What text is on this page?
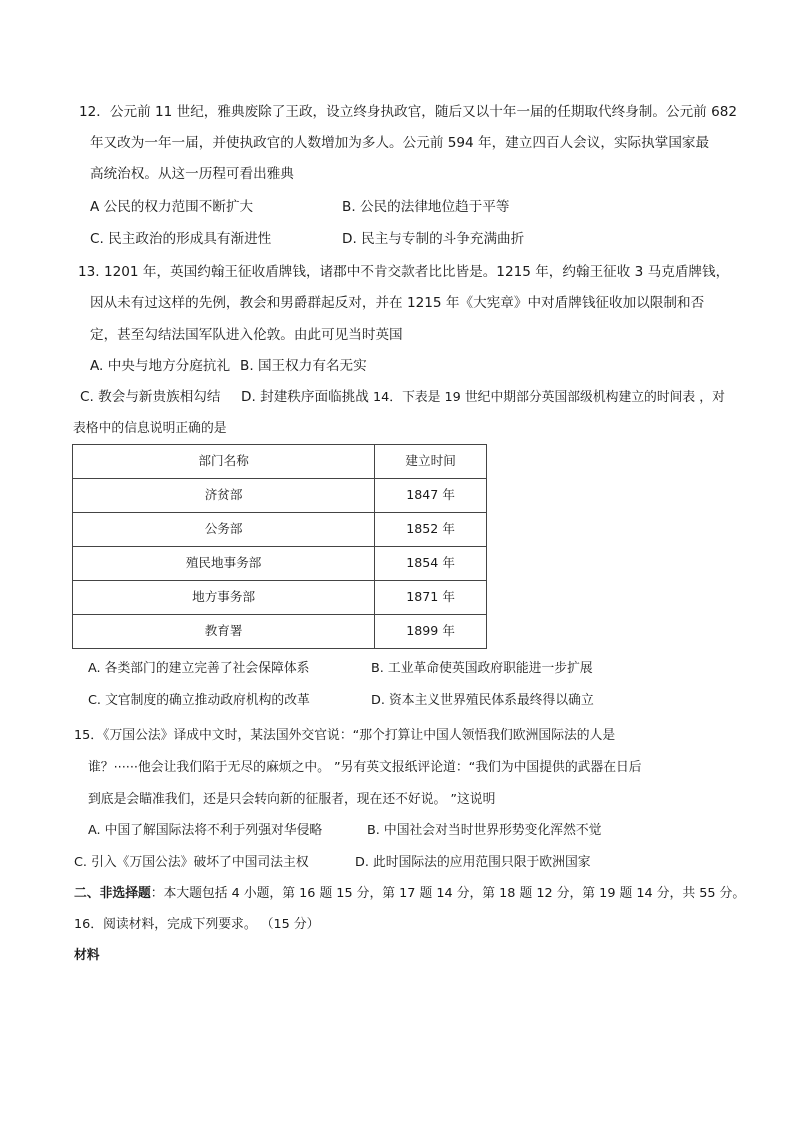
12．公元前 11 世纪，雅典废除了王政，设立终身执政官，随后又以十年一届的任期取代终身制。公元前 682
年又改为一年一届，并使执政官的人数增加为多人。公元前 594 年，建立四百人会议，实际执掌国家最
高统治权。从这一历程可看出雅典
A 公民的权力范围不断扩大	B. 公民的法律地位趋于平等
C. 民主政治的形成具有渐进性	D. 民主与专制的斗争充满曲折
13. 1201 年，英国约翰王征收盾牌钱，诸郡中不肯交款者比比皆是。1215 年，约翰王征收 3 马克盾牌钱，
因从未有过这样的先例，教会和男爵群起反对，并在 1215 年《大宪章》中对盾牌钱征收加以限制和否
定，甚至勾结法国军队进入伦敦。由此可见当时英国
A. 中央与地方分庭抗礼 B. 国王权力有名无实
C. 教会与新贵族相勾结 D. 封建秩序面临挑战 14．下表是 19 世纪中期部分英国部级机构建立的时间表 ，对
表格中的信息说明正确的是
部门名称	建立时间
济贫部	1847 年
公务部	1852 年
殖民地事务部	1854 年
地方事务部	1871 年
教育署	1899 年
A. 各类部门的建立完善了社会保障体系	B. 工业革命使英国政府职能进一步扩展
C. 文官制度的确立推动政府机构的改革	D. 资本主义世界殖民体系最终得以确立
15．《万国公法》译成中文时，某法国外交官说：“那个打算让中国人领悟我们欧洲国际法的人是
谁？······他会让我们陷于无尽的麻烦之中。 ”另有英文报纸评论道：“我们为中国提供的武器在日后
到底是会瞄准我们，还是只会转向新的征服者，现在还不好说。 ”这说明
A. 中国了解国际法将不利于列强对华侵略	B. 中国社会对当时世界形势变化浑然不觉
C. 引入《万国公法》破坏了中国司法主权	D. 此时国际法的应用范围只限于欧洲国家
二、非选择题：本大题包括 4 小题，第 16 题 15 分，第 17 题 14 分，第 18 题 12 分，第 19 题 14 分，共 55 分。
16．阅读材料，完成下列要求。 （15 分）
材料
